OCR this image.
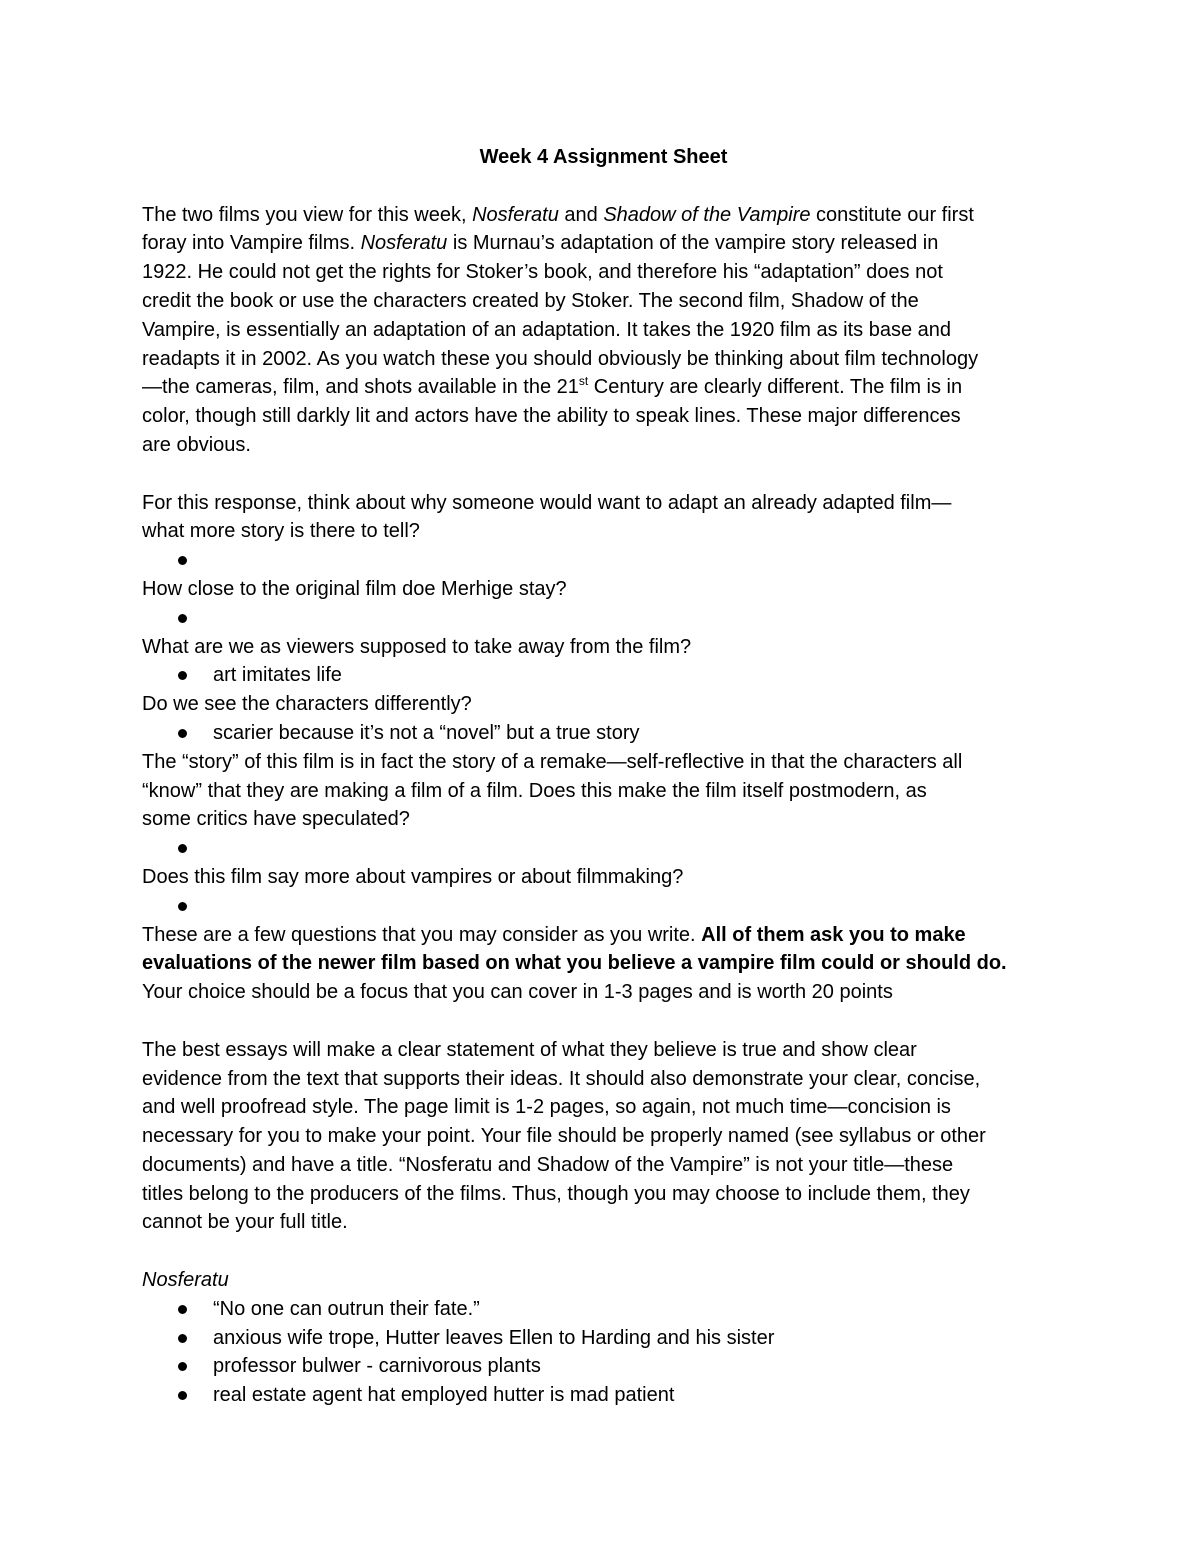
Week 4 Assignment Sheet
The two films you view for this week, Nosferatu and Shadow of the Vampire constitute our first
foray into Vampire films. Nosferatu is Murnau’s adaptation of the vampire story released in
1922. He could not get the rights for Stoker’s book, and therefore his “adaptation” does not
credit the book or use the characters created by Stoker. The second film, Shadow of the
Vampire, is essentially an adaptation of an adaptation. It takes the 1920 film as its base and
readapts it in 2002. As you watch these you should obviously be thinking about film technology
—the cameras, film, and shots available in the 21st Century are clearly different. The film is in
color, though still darkly lit and actors have the ability to speak lines. These major differences
are obvious.
For this response, think about why someone would want to adapt an already adapted film—
what more story is there to tell?
How close to the original film doe Merhige stay?
What are we as viewers supposed to take away from the film?
art imitates life
Do we see the characters differently?
scarier because it’s not a “novel” but a true story
The “story” of this film is in fact the story of a remake—self-reflective in that the characters all
“know” that they are making a film of a film. Does this make the film itself postmodern, as
some critics have speculated?
Does this film say more about vampires or about filmmaking?
These are a few questions that you may consider as you write. All of them ask you to make
evaluations of the newer film based on what you believe a vampire film could or should do.
Your choice should be a focus that you can cover in 1-3 pages and is worth 20 points
The best essays will make a clear statement of what they believe is true and show clear
evidence from the text that supports their ideas. It should also demonstrate your clear, concise,
and well proofread style. The page limit is 1-2 pages, so again, not much time—concision is
necessary for you to make your point. Your file should be properly named (see syllabus or other
documents) and have a title. “Nosferatu and Shadow of the Vampire” is not your title—these
titles belong to the producers of the films. Thus, though you may choose to include them, they
cannot be your full title.
Nosferatu
“No one can outrun their fate.”
anxious wife trope, Hutter leaves Ellen to Harding and his sister
professor bulwer - carnivorous plants
real estate agent hat employed hutter is mad patient
